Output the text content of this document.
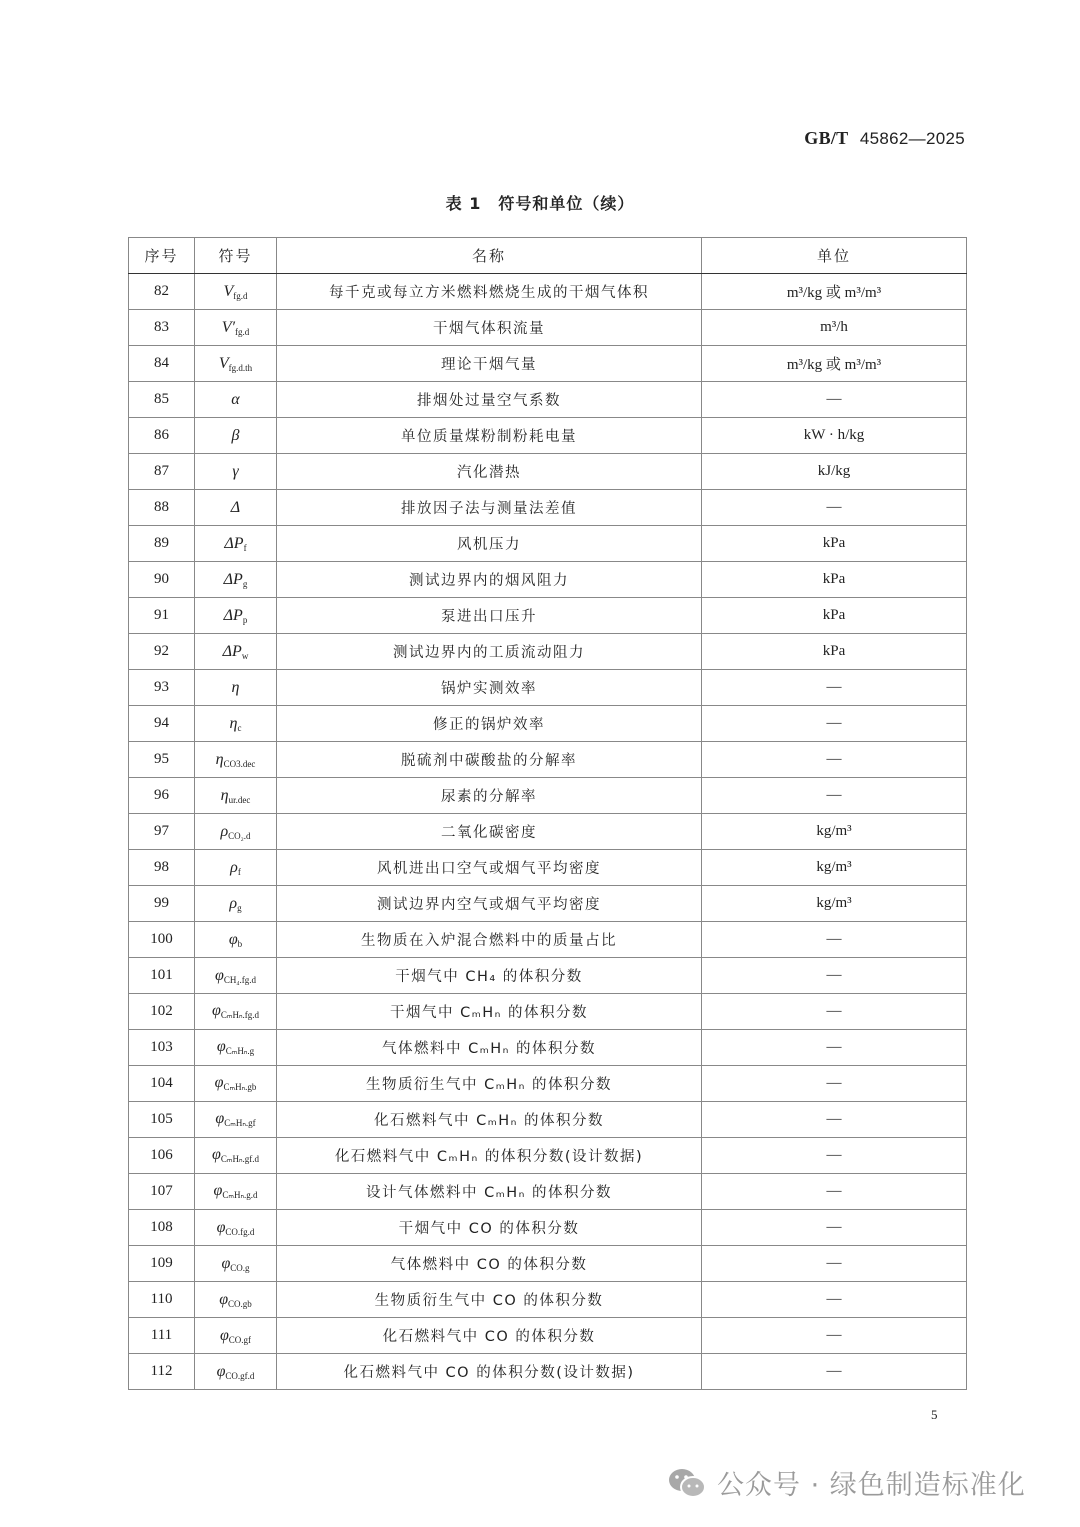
GB/T 45862—2025
表 1　符号和单位（续）
序号	符号	名称	单位
82	$V_{fg.d}$	每千克或每立方米燃料燃烧生成的干烟气体积	m³/kg 或 m³/m³
83	$V'_{fg.d}$	干烟气体积流量	m³/h
84	$V_{fg.d.th}$	理论干烟气量	m³/kg 或 m³/m³
85	α	排烟处过量空气系数	—
86	β	单位质量煤粉制粉耗电量	kW · h/kg
87	γ	汽化潜热	kJ/kg
88	Δ	排放因子法与测量法差值	—
89	$\Delta P_f$	风机压力	kPa
90	$\Delta P_g$	测试边界内的烟风阻力	kPa
91	$\Delta P_p$	泵进出口压升	kPa
92	$\Delta P_w$	测试边界内的工质流动阻力	kPa
93	η	锅炉实测效率	—
94	$\eta_c$	修正的锅炉效率	—
95	$\eta_{CO3.dec}$	脱硫剂中碳酸盐的分解率	—
96	$\eta_{ur.dec}$	尿素的分解率	—
97	$\rho_{CO_2.d}$	二氧化碳密度	kg/m³
98	$\rho_f$	风机进出口空气或烟气平均密度	kg/m³
99	$\rho_g$	测试边界内空气或烟气平均密度	kg/m³
100	$\varphi_b$	生物质在入炉混合燃料中的质量占比	—
101	$\varphi_{CH_4.fg.d}$	干烟气中 CH₄ 的体积分数	—
102	$\varphi_{C_mH_n.fg.d}$	干烟气中 CₘHₙ 的体积分数	—
103	$\varphi_{C_mH_n.g}$	气体燃料中 CₘHₙ 的体积分数	—
104	$\varphi_{C_mH_n.gb}$	生物质衍生气中 CₘHₙ 的体积分数	—
105	$\varphi_{C_mH_n.gf}$	化石燃料气中 CₘHₙ 的体积分数	—
106	$\varphi_{C_mH_n.gf.d}$	化石燃料气中 CₘHₙ 的体积分数(设计数据)	—
107	$\varphi_{C_mH_n.g.d}$	设计气体燃料中 CₘHₙ 的体积分数	—
108	$\varphi_{CO.fg.d}$	干烟气中 CO 的体积分数	—
109	$\varphi_{CO.g}$	气体燃料中 CO 的体积分数	—
110	$\varphi_{CO.gb}$	生物质衍生气中 CO 的体积分数	—
111	$\varphi_{CO.gf}$	化石燃料气中 CO 的体积分数	—
112	$\varphi_{CO.gf.d}$	化石燃料气中 CO 的体积分数(设计数据)	—
5
公众号 · 绿色制造标准化
